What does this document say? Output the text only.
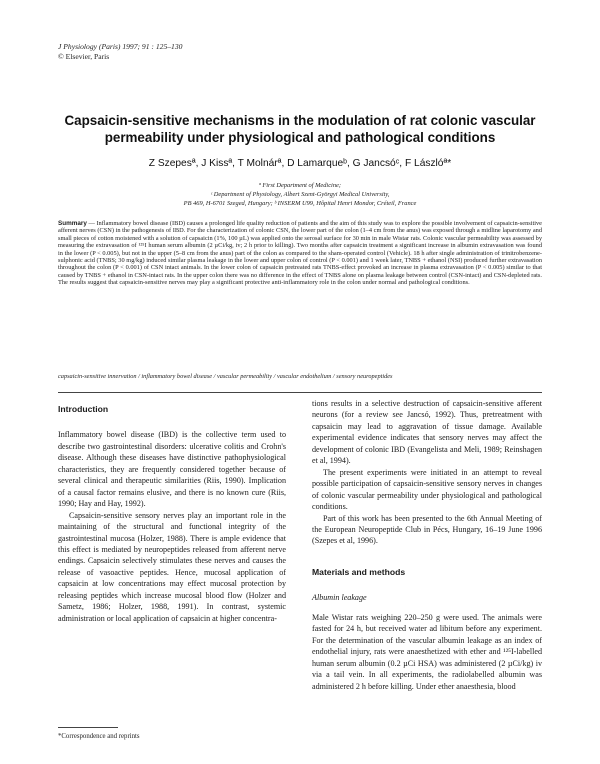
J Physiology (Paris) 1997; 91 : 125–130
© Elsevier, Paris
Capsaicin-sensitive mechanisms in the modulation of rat colonic vascular permeability under physiological and pathological conditions
Z Szepesª, J Kissª, T Molnárª, D Lamarqueᵇ, G Jancsóᶜ, F Lászlóª*
ª First Department of Medicine;
ᶜ Department of Physiology, Albert Szent-Györgyi Medical University,
PB 469, H-6701 Szeged, Hungary; ᵇ INSERM U99, Hôpital Henri Mondor, Créteil, France
Summary — Inflammatory bowel disease (IBD) causes a prolonged life quality reduction of patients and the aim of this study was to explore the possible involvement of capsaicin-sensitive afferent nerves (CSN) in the pathogenesis of IBD. For the characterization of colonic CSN, the lower part of the colon (1–4 cm from the anus) was exposed through a midline laparotomy and small pieces of cotton moistened with a solution of capsaicin (1%, 100 µL) was applied onto the serosal surface for 30 min in male Wistar rats. Colonic vascular permeability was assessed by measuring the extravasation of ¹²⁵I human serum albumin (2 µCi/kg, iv; 2 h prior to killing). Two months after capsaicin treatment a significant increase in albumin extravasation was found in the lower (P < 0.005), but not in the upper (5–8 cm from the anus) part of the colon as compared to the sham-operated control (Vehicle). 18 h after single administration of trinitrobenzene-sulphonic acid (TNBS; 30 mg/kg) induced similar plasma leakage in the lower and upper colon of control (P < 0.001) and 1 week later, TNBS + ethanol (NSI) produced further extravasation throughout the colon (P < 0.001) of CSN intact animals. In the lower colon of capsaicin pretreated rats TNBS-effect provoked an increase in plasma extravasation (P < 0.005) similar to that caused by TNBS + ethanol in CSN-intact rats. In the upper colon there was no difference in the effect of TNBS alone on plasma leakage between control (CSN-intact) and CSN-depleted rats. The results suggest that capsaicin-sensitive nerves may play a significant protective anti-inflammatory role in the colon under normal and pathological conditions.
capsaicin-sensitive innervation / inflammatory bowel disease / vascular permeability / vascular endothelium / sensory neuropeptides
Introduction

Inflammatory bowel disease (IBD) is the collective term used to describe two gastrointestinal disorders: ulcerative colitis and Crohn's disease. Although these diseases have distinctive pathophysiological characteristics, they are frequently considered together because of several clinical and therapeutic similarities (Riis, 1990). Implication of a causal factor remains elusive, and there is no known cure (Riis, 1990; Hay and Hay, 1992).

Capsaicin-sensitive sensory nerves play an important role in the maintaining of the structural and functional integrity of the gastrointestinal mucosa (Holzer, 1988). There is ample evidence that this effect is mediated by neuropeptides released from afferent nerve endings. Capsaicin selectively stimulates these nerves and causes the release of vasoactive peptides. Hence, mucosal application of capsaicin at low concentrations may effect mucosal protection by releasing peptides which increase mucosal blood flow (Holzer and Sametz, 1986; Holzer, 1988, 1991). In contrast, systemic administration or local application of capsaicin at higher concentra-

tions results in a selective destruction of capsaicin-sensitive afferent neurons (for a review see Jancsó, 1992). Thus, pretreatment with capsaicin may lead to aggravation of tissue damage. Available experimental evidence indicates that sensory nerves may affect the development of colonic IBD (Evangelista and Meli, 1989; Reinshagen et al, 1994).

The present experiments were initiated in an attempt to reveal possible participation of capsaicin-sensitive sensory nerves in changes of colonic vascular permeability under physiological and pathological conditions.

Part of this work has been presented to the 6th Annual Meeting of the European Neuropeptide Club in Pécs, Hungary, 16–19 June 1996 (Szepes et al, 1996).

Materials and methods
Albumin leakage

Male Wistar rats weighing 220–250 g were used. The animals were fasted for 24 h, but received water ad libitum before any experiment. For the determination of the vascular albumin leakage as an index of endothelial injury, rats were anaesthetized with ether and ¹²⁵I-labelled human serum albumin (0.2 µCi HSA) was administered (2 µCi/kg) iv via a tail vein. In all experiments, the radiolabelled albumin was administered 2 h before killing. Under ether anaesthesia, blood

*Correspondence and reprints
